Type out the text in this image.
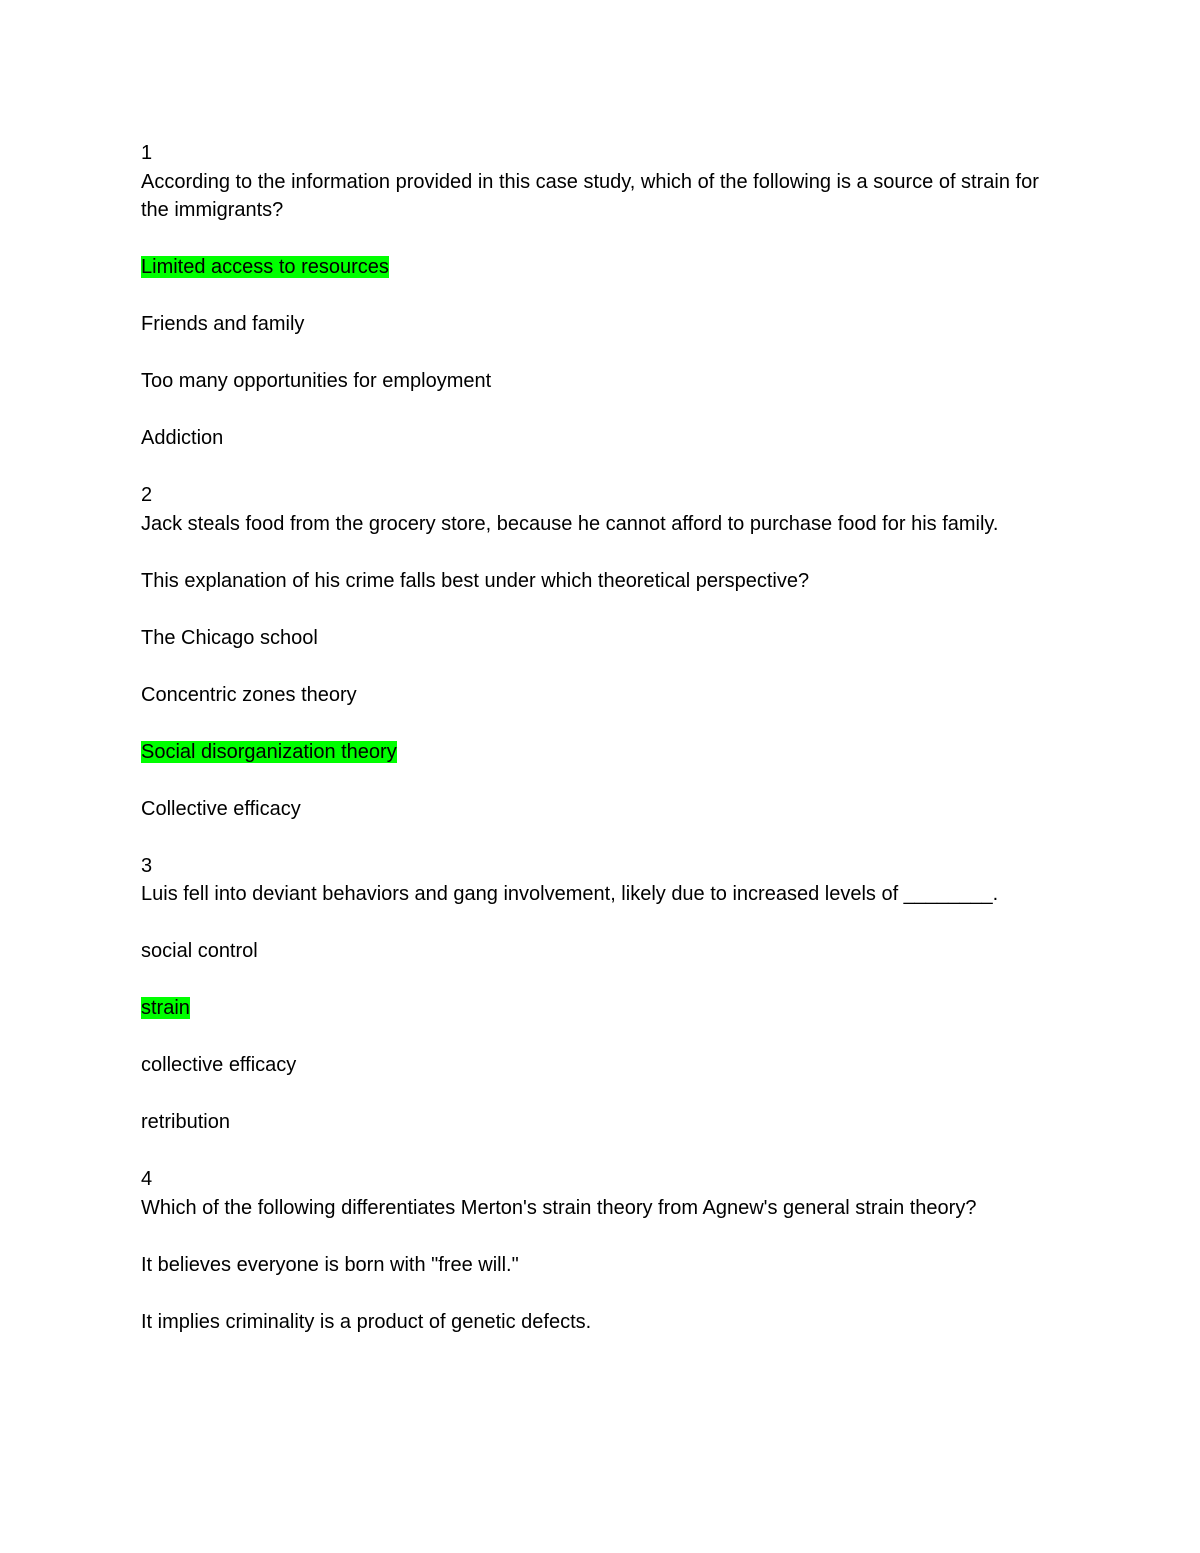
1
According to the information provided in this case study, which of the following is a source of strain for the immigrants?
Limited access to resources
Friends and family
Too many opportunities for employment
Addiction
2
Jack steals food from the grocery store, because he cannot afford to purchase food for his family.
This explanation of his crime falls best under which theoretical perspective?
The Chicago school
Concentric zones theory
Social disorganization theory
Collective efficacy
3
Luis fell into deviant behaviors and gang involvement, likely due to increased levels of ________.
social control
strain
collective efficacy
retribution
4
Which of the following differentiates Merton's strain theory from Agnew's general strain theory?
It believes everyone is born with "free will."
It implies criminality is a product of genetic defects.
